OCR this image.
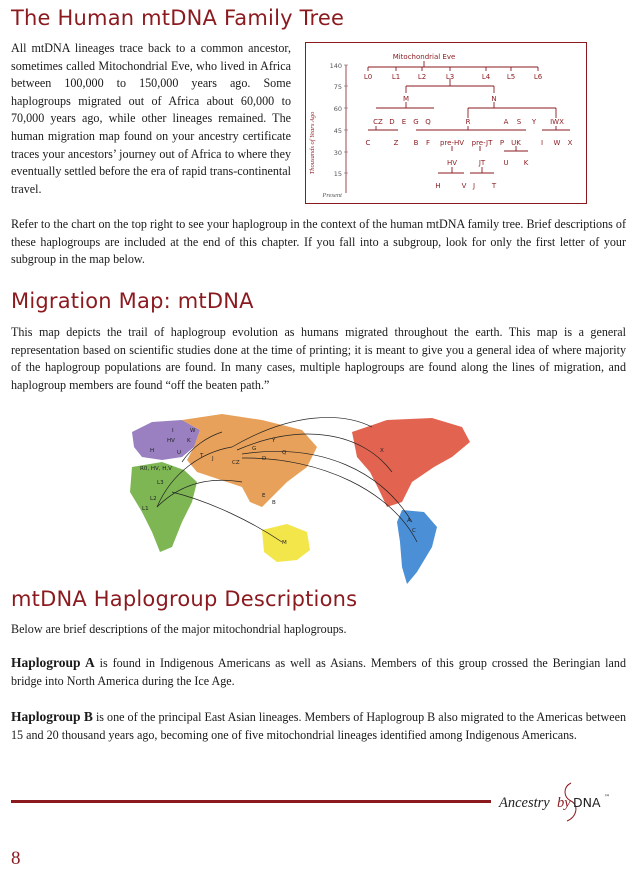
The Human mtDNA Family Tree
All mtDNA lineages trace back to a common ancestor, sometimes called Mitochondrial Eve, who lived in Africa between 100,000 to 150,000 years ago. Some haplogroups migrated out of Africa about 60,000 to 70,000 years ago, while other lineages remained. The human migration map found on your ancestry certificate traces your ancestors’ journey out of Africa to where they eventually settled before the era of rapid trans-continental travel.
Thousands of Years Ago
140
75
60
45
30
15
Present
Mitochondrial Eve
L0	L1	L2	L3	L4 L5	L6
M	N
CZ D E G Q	R	A S Y IWX
C	Z B F pre-HV pre-JT P UK	I W X
HV	JT	U K
H	V J T
Refer to the chart on the top right to see your haplogroup in the context of the human mtDNA family tree. Brief descriptions of these haplogroups are included at the end of this chapter. If you fall into a subgroup, look for only the first letter of your subgroup in the map below.
Migration Map: mtDNA
This map depicts the trail of haplogroup evolution as humans migrated throughout the earth. This map is a general representation based on scientific studies done at the time of printing; it is meant to give you a general idea of where majority of the haplogroup populations are found. In many cases, multiple haplogroups are found along the lines of migration, and haplogroup members are found “off the beaten path.”
R0, HV, H,V
H
HV
U
K
T J
CZ
D
G
Y
Q
E
B
A
C
M
L3
L2
L1
X
I	W
mtDNA Haplogroup Descriptions
Below are brief descriptions of the major mitochondrial haplogroups.
Haplogroup A is found in Indigenous Americans as well as Asians. Members of this group crossed the Beringian land bridge into North America during the Ice Age.
Haplogroup B is one of the principal East Asian lineages. Members of Haplogroup B also migrated to the Americas between 15 and 20 thousand years ago, becoming one of five mitochondrial lineages identified among Indigenous Americans.
Ancestry by DNA ™
8
